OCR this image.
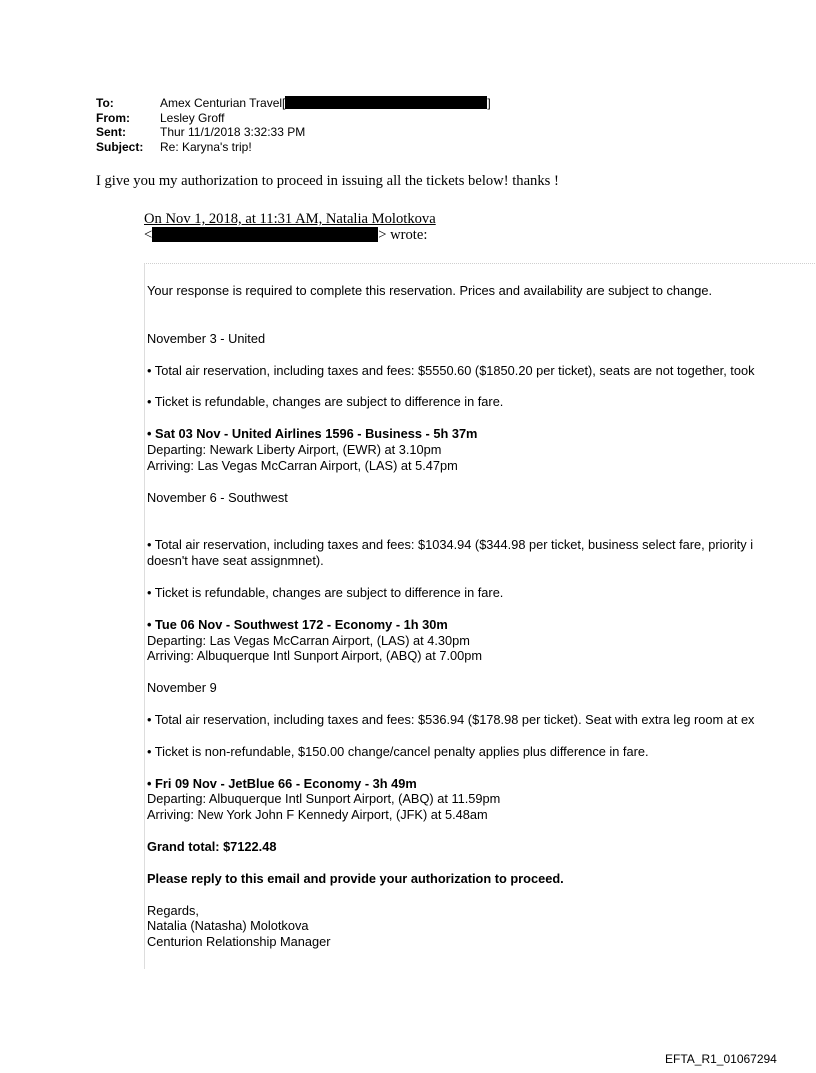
To:	Amex Centurian Travel[	]
From:	Lesley Groff
Sent:	Thur 11/1/2018 3:32:33 PM
Subject:	Re: Karyna's trip!
I give you my authorization to proceed in issuing all the tickets below! thanks !
On Nov 1, 2018, at 11:31 AM, Natalia Molotkova
<	> wrote:

Your response is required to complete this reservation. Prices and availability are subject to change.

November 3 - United

• Total air reservation, including taxes and fees: $5550.60 ($1850.20 per ticket), seats are not together, took

• Ticket is refundable, changes are subject to difference in fare.

• Sat 03 Nov - United Airlines 1596 - Business - 5h 37m

Departing: Newark Liberty Airport, (EWR) at 3.10pm

Arriving: Las Vegas McCarran Airport, (LAS) at 5.47pm

November 6 - Southwest

• Total air reservation, including taxes and fees: $1034.94 ($344.98 per ticket, business select fare, priority i

doesn't have seat assignmnet).

• Ticket is refundable, changes are subject to difference in fare.

• Tue 06 Nov - Southwest 172 - Economy - 1h 30m

Departing: Las Vegas McCarran Airport, (LAS) at 4.30pm

Arriving: Albuquerque Intl Sunport Airport, (ABQ) at 7.00pm

November 9

• Total air reservation, including taxes and fees: $536.94 ($178.98 per ticket). Seat with extra leg room at ex

• Ticket is non-refundable, $150.00 change/cancel penalty applies plus difference in fare.

• Fri 09 Nov - JetBlue 66 - Economy - 3h 49m

Departing: Albuquerque Intl Sunport Airport, (ABQ) at 11.59pm

Arriving: New York John F Kennedy Airport, (JFK) at 5.48am

Grand total: $7122.48

Please reply to this email and provide your authorization to proceed.

Regards,

Natalia (Natasha) Molotkova

Centurion Relationship Manager

EFTA_R1_01067294
